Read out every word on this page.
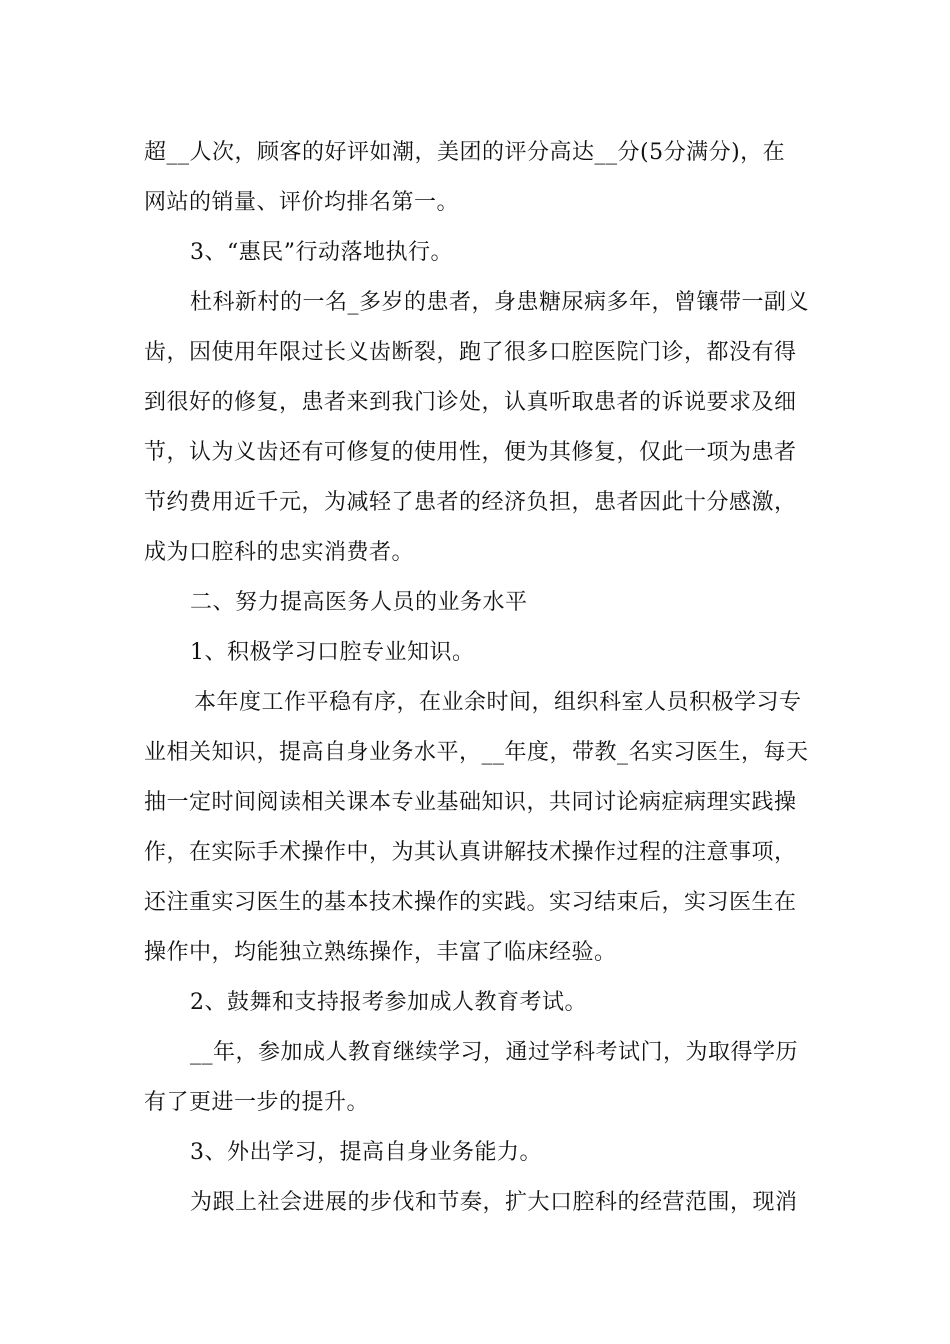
超__人次，顾客的好评如潮，美团的评分高达__分(5分满分)，在
网站的销量、评价均排名第一。
3、“惠民”行动落地执行。
杜科新村的一名_多岁的患者，身患糖尿病多年，曾镶带一副义
齿，因使用年限过长义齿断裂，跑了很多口腔医院门诊，都没有得
到很好的修复，患者来到我门诊处，认真听取患者的诉说要求及细
节，认为义齿还有可修复的使用性，便为其修复，仅此一项为患者
节约费用近千元，为减轻了患者的经济负担，患者因此十分感激，
成为口腔科的忠实消费者。
二、努力提高医务人员的业务水平
1、积极学习口腔专业知识。
本年度工作平稳有序，在业余时间，组织科室人员积极学习专
业相关知识，提高自身业务水平，__年度，带教_名实习医生，每天
抽一定时间阅读相关课本专业基础知识，共同讨论病症病理实践操
作，在实际手术操作中，为其认真讲解技术操作过程的注意事项，
还注重实习医生的基本技术操作的实践。实习结束后，实习医生在
操作中，均能独立熟练操作，丰富了临床经验。
2、鼓舞和支持报考参加成人教育考试。
__年，参加成人教育继续学习，通过学科考试门，为取得学历
有了更进一步的提升。
3、外出学习，提高自身业务能力。
为跟上社会进展的步伐和节奏，扩大口腔科的经营范围，现消
